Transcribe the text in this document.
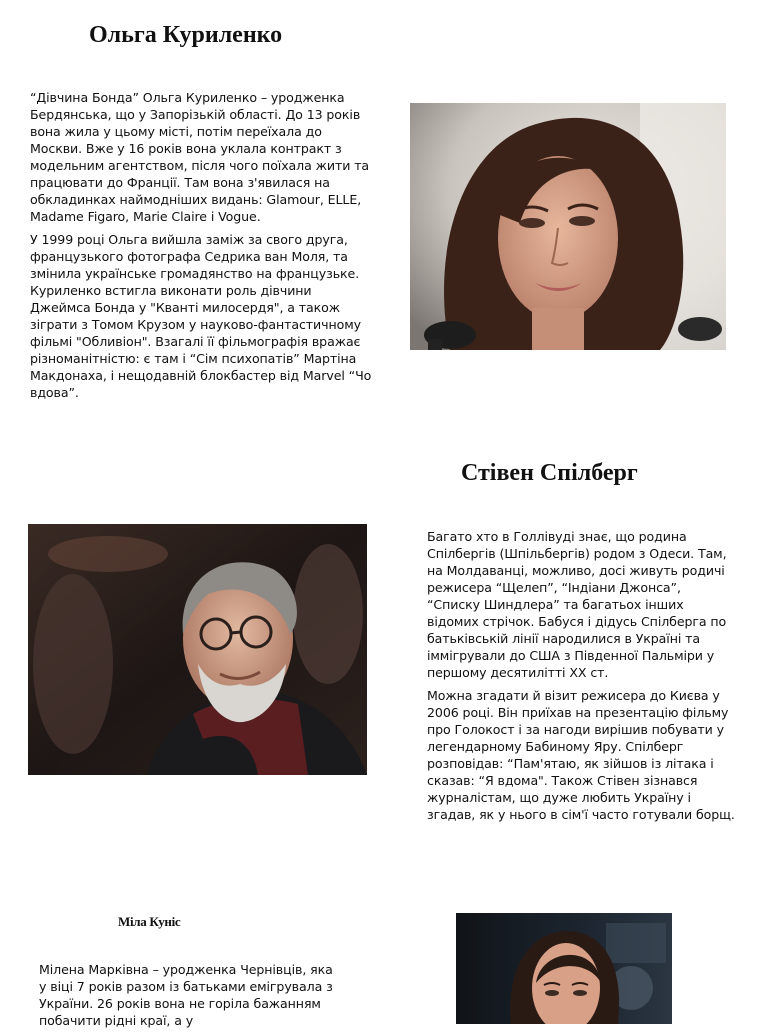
Ольга Куриленко

“Дівчина Бонда” Ольга Куриленко – уродженка Бердянська, що у Запорізькій області. До 13 років вона жила у цьому місті, потім переїхала до Москви. Вже у 16 років вона уклала контракт з модельним агентством, після чого поїхала жити та працювати до Франції. Там вона з'явилася на обкладинках наймодніших видань: Glamour, ELLE, Madame Figaro, Marie Claire і Vogue.

У 1999 році Ольга вийшла заміж за свого друга, французького фотографа Седрика ван Моля, та змінила українське громадянство на французьке. Куриленко встигла виконати роль дівчини Джеймса Бонда у "Кванті милосердя", а також зіграти з Томом Крузом у науково-фантастичному фільмі "Обливіон". Взагалі її фільмографія вражає різноманітністю: є там і “Сім психопатів” Мартіна Макдонаха, і нещодавній блокбастер від Marvel “Чо вдова”.

Стівен Спілберг

Багато хто в Голлівуді знає, що родина Спілбергів (Шпільбергів) родом з Одеси. Там, на Молдаванці, можливо, досі живуть родичі режисера “Щелеп”, “Індіани Джонса”, “Списку Шиндлера” та багатьох інших відомих стрічок. Бабуся і дідусь Спілберга по батьківській лінії народилися в Україні та іммігрували до США з Південної Пальміри у першому десятилітті ХХ ст.

Можна згадати й візит режисера до Києва у 2006 році. Він приїхав на презентацію фільму про Голокост і за нагоди вирішив побувати у легендарному Бабиному Яру. Спілберг розповідав: “Пам'ятаю, як зійшов із літака і сказав: “Я вдома". Також Стівен зізнався журналістам, що дуже любить Україну і згадав, як у нього в сім'ї часто готували борщ.

Міла Куніс

Мілена Марківна – уродженка Чернівців, яка у віці 7 років разом із батьками емігрувала з України. 26 років вона не горіла бажанням побачити рідні краї, а у
